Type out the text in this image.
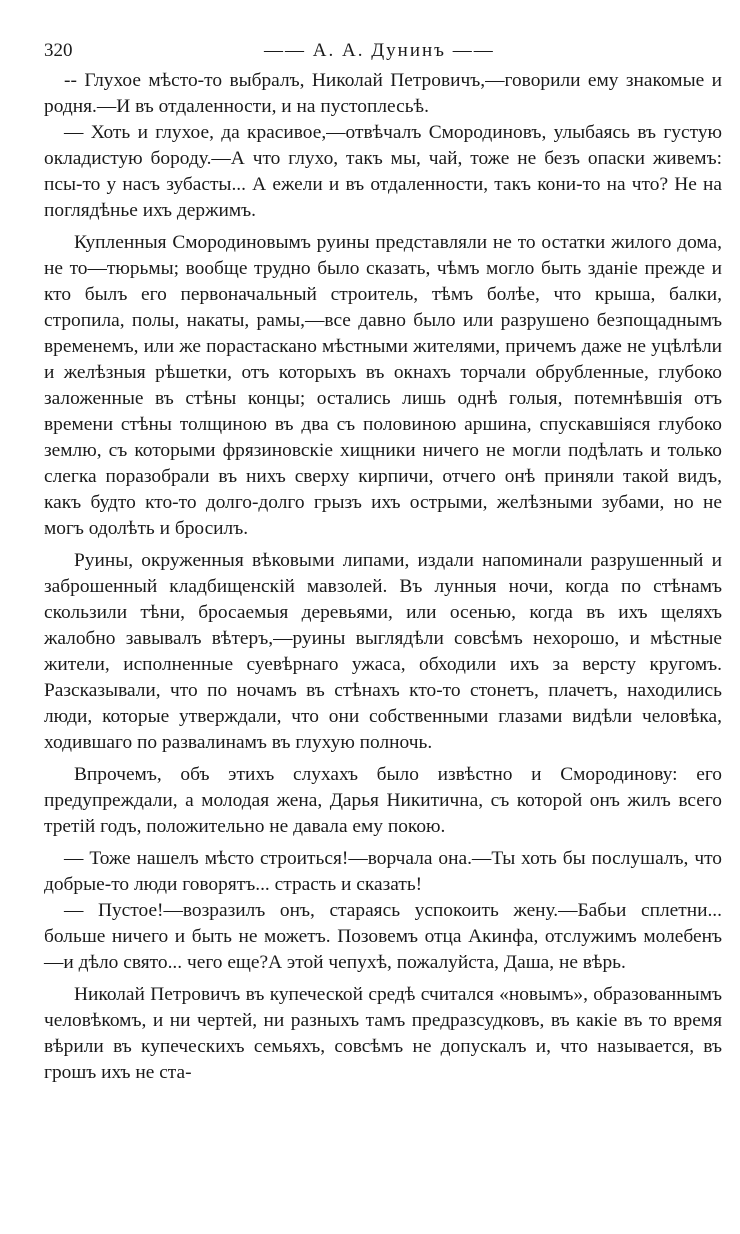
320	—— А. А. Дунинъ ——

-- Глухое мѣсто-то выбралъ, Николай Петровичъ,—говорили ему знакомые и родня.—И въ отдаленности, и на пустоплесьѣ.

— Хоть и глухое, да красивое,—отвѣчалъ Смородиновъ, улыбаясь въ густую окладистую бороду.—А что глухо, такъ мы, чай, тоже не безъ опаски живемъ: псы-то у насъ зубасты... А ежели и въ отдаленности, такъ кони-то на что? Не на поглядѣнье ихъ держимъ.

Купленныя Смородиновымъ руины представляли не то остатки жилого дома, не то—тюрьмы; вообще трудно было сказать, чѣмъ могло быть зданіе прежде и кто былъ его первоначальный строитель, тѣмъ болѣе, что крыша, балки, стропила, полы, накаты, рамы,—все давно было или разрушено безпощаднымъ временемъ, или же порастаскано мѣстными жителями, причемъ даже не уцѣлѣли и желѣзныя рѣшетки, отъ которыхъ въ окнахъ торчали обрубленные, глубоко заложенные въ стѣны концы; остались лишь однѣ голыя, потемнѣвшія отъ времени стѣны толщиною въ два съ половиною аршина, спускавшіяся глубоко землю, съ которыми фрязиновскіе хищники ничего не могли подѣлать и только слегка поразобрали въ нихъ сверху кирпичи, отчего онѣ приняли такой видъ, какъ будто кто-то долго-долго грызъ ихъ острыми, желѣзными зубами, но не могъ одолѣть и бросилъ.

Руины, окруженныя вѣковыми липами, издали напоминали разрушенный и заброшенный кладбищенскій мавзолей. Въ лунныя ночи, когда по стѣнамъ скользили тѣни, бросаемыя деревьями, или осенью, когда въ ихъ щеляхъ жалобно завывалъ вѣтеръ,—руины выглядѣли совсѣмъ нехорошо, и мѣстные жители, исполненные суевѣрнаго ужаса, обходили ихъ за версту кругомъ. Разсказывали, что по ночамъ въ стѣнахъ кто-то стонетъ, плачетъ, находились люди, которые утверждали, что они собственными глазами видѣли человѣка, ходившаго по развалинамъ въ глухую полночь.

Впрочемъ, объ этихъ слухахъ было извѣстно и Смородинову: его предупреждали, а молодая жена, Дарья Никитична, съ которой онъ жилъ всего третій годъ, положительно не давала ему покою.

— Тоже нашелъ мѣсто строиться!—ворчала она.—Ты хоть бы послушалъ, что добрые-то люди говорятъ... страсть и сказать!

— Пустое!—возразилъ онъ, стараясь успокоить жену.—Бабьи сплетни... больше ничего и быть не можетъ. Позовемъ отца Акинфа, отслужимъ молебенъ—и дѣло свято... чего еще?А этой чепухѣ, пожалуйста, Даша, не вѣрь.

Николай Петровичъ въ купеческой средѣ считался «новымъ», образованнымъ человѣкомъ, и ни чертей, ни разныхъ тамъ предразсудковъ, въ какіе въ то время вѣрили въ купеческихъ семьяхъ, совсѣмъ не допускалъ и, что называется, въ грошъ ихъ не ста-
